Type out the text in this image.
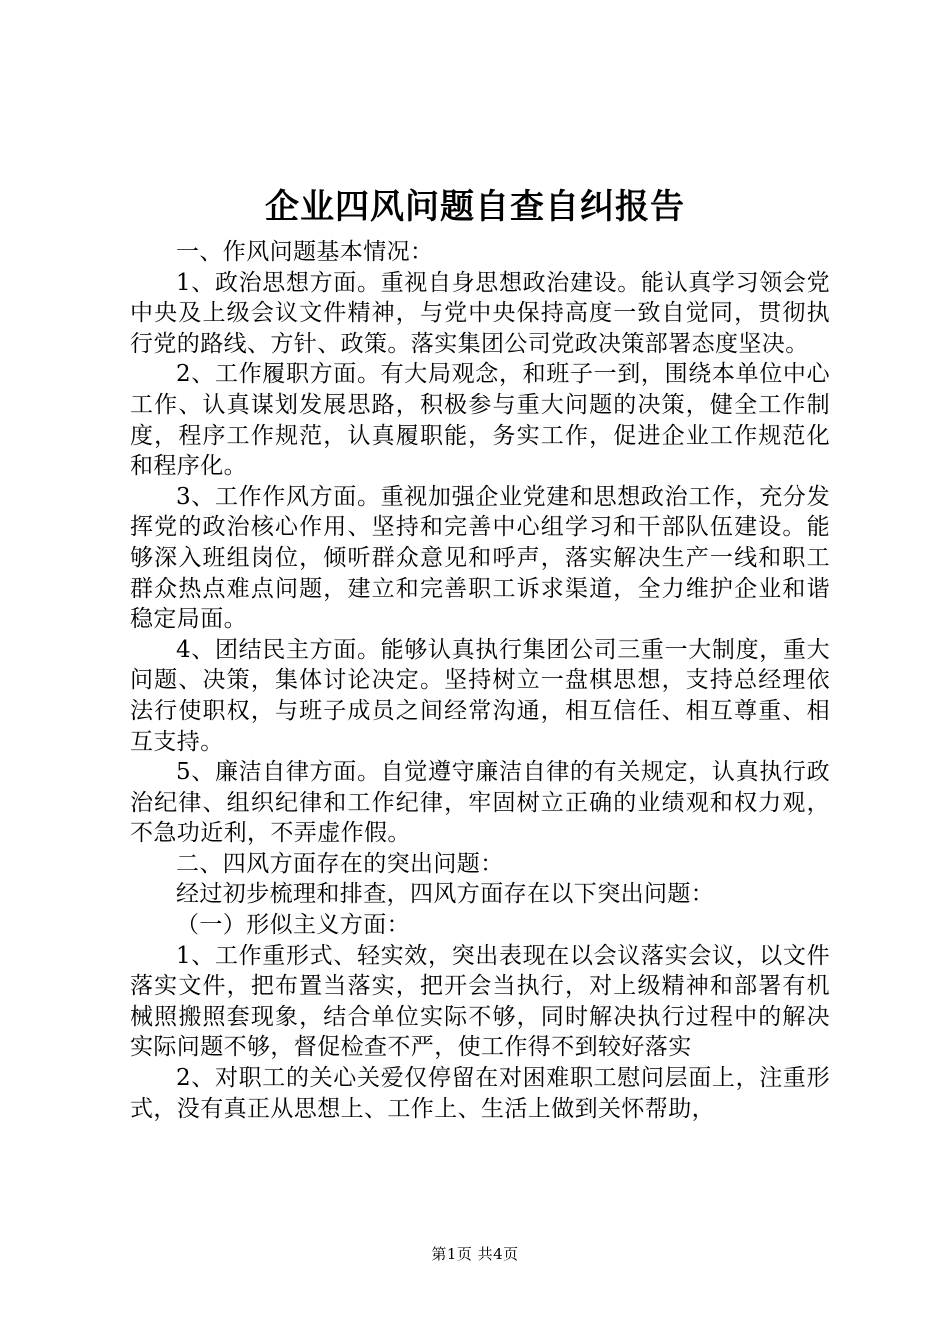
企业四风问题自查自纠报告

一、作风问题基本情况：

1、政治思想方面。重视自身思想政治建设。能认真学习领会党中央及上级会议文件精神，与党中央保持高度一致自觉同，贯彻执行党的路线、方针、政策。落实集团公司党政决策部署态度坚决。

2、工作履职方面。有大局观念，和班子一到，围绕本单位中心工作、认真谋划发展思路，积极参与重大问题的决策，健全工作制度，程序工作规范，认真履职能，务实工作，促进企业工作规范化和程序化。

3、工作作风方面。重视加强企业党建和思想政治工作，充分发挥党的政治核心作用、坚持和完善中心组学习和干部队伍建设。能够深入班组岗位，倾听群众意见和呼声，落实解决生产一线和职工群众热点难点问题，建立和完善职工诉求渠道，全力维护企业和谐稳定局面。

4、团结民主方面。能够认真执行集团公司三重一大制度，重大问题、决策，集体讨论决定。坚持树立一盘棋思想，支持总经理依法行使职权，与班子成员之间经常沟通，相互信任、相互尊重、相互支持。

5、廉洁自律方面。自觉遵守廉洁自律的有关规定，认真执行政治纪律、组织纪律和工作纪律，牢固树立正确的业绩观和权力观，不急功近利，不弄虚作假。

二、四风方面存在的突出问题：

经过初步梳理和排查，四风方面存在以下突出问题：

（一）形似主义方面：

1、工作重形式、轻实效，突出表现在以会议落实会议，以文件落实文件，把布置当落实，把开会当执行，对上级精神和部署有机械照搬照套现象，结合单位实际不够，同时解决执行过程中的解决实际问题不够，督促检查不严，使工作得不到较好落实

2、对职工的关心关爱仅停留在对困难职工慰问层面上，注重形式，没有真正从思想上、工作上、生活上做到关怀帮助，

第1页 共4页
